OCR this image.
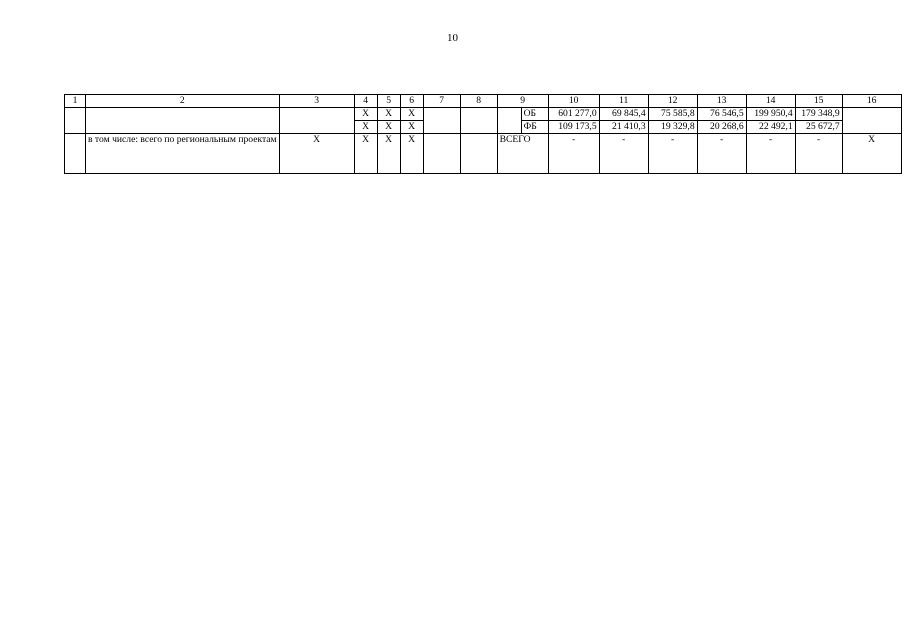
10
1	2	3	4	5	6	7	8	9		10	11	12	13	14	15	16
			Х	Х	Х				ОБ	601 277,0	69 845,4	75 585,8	76 546,5	199 950,4	179 348,9	
			Х	Х	Х				ФБ	109 173,5	21 410,3	19 329,8	20 268,6	22 492,1	25 672,7	
	в том числе: всего по региональным проектам	Х	Х	Х	Х			ВСЕГО		-	-	-	-	-	-	Х
